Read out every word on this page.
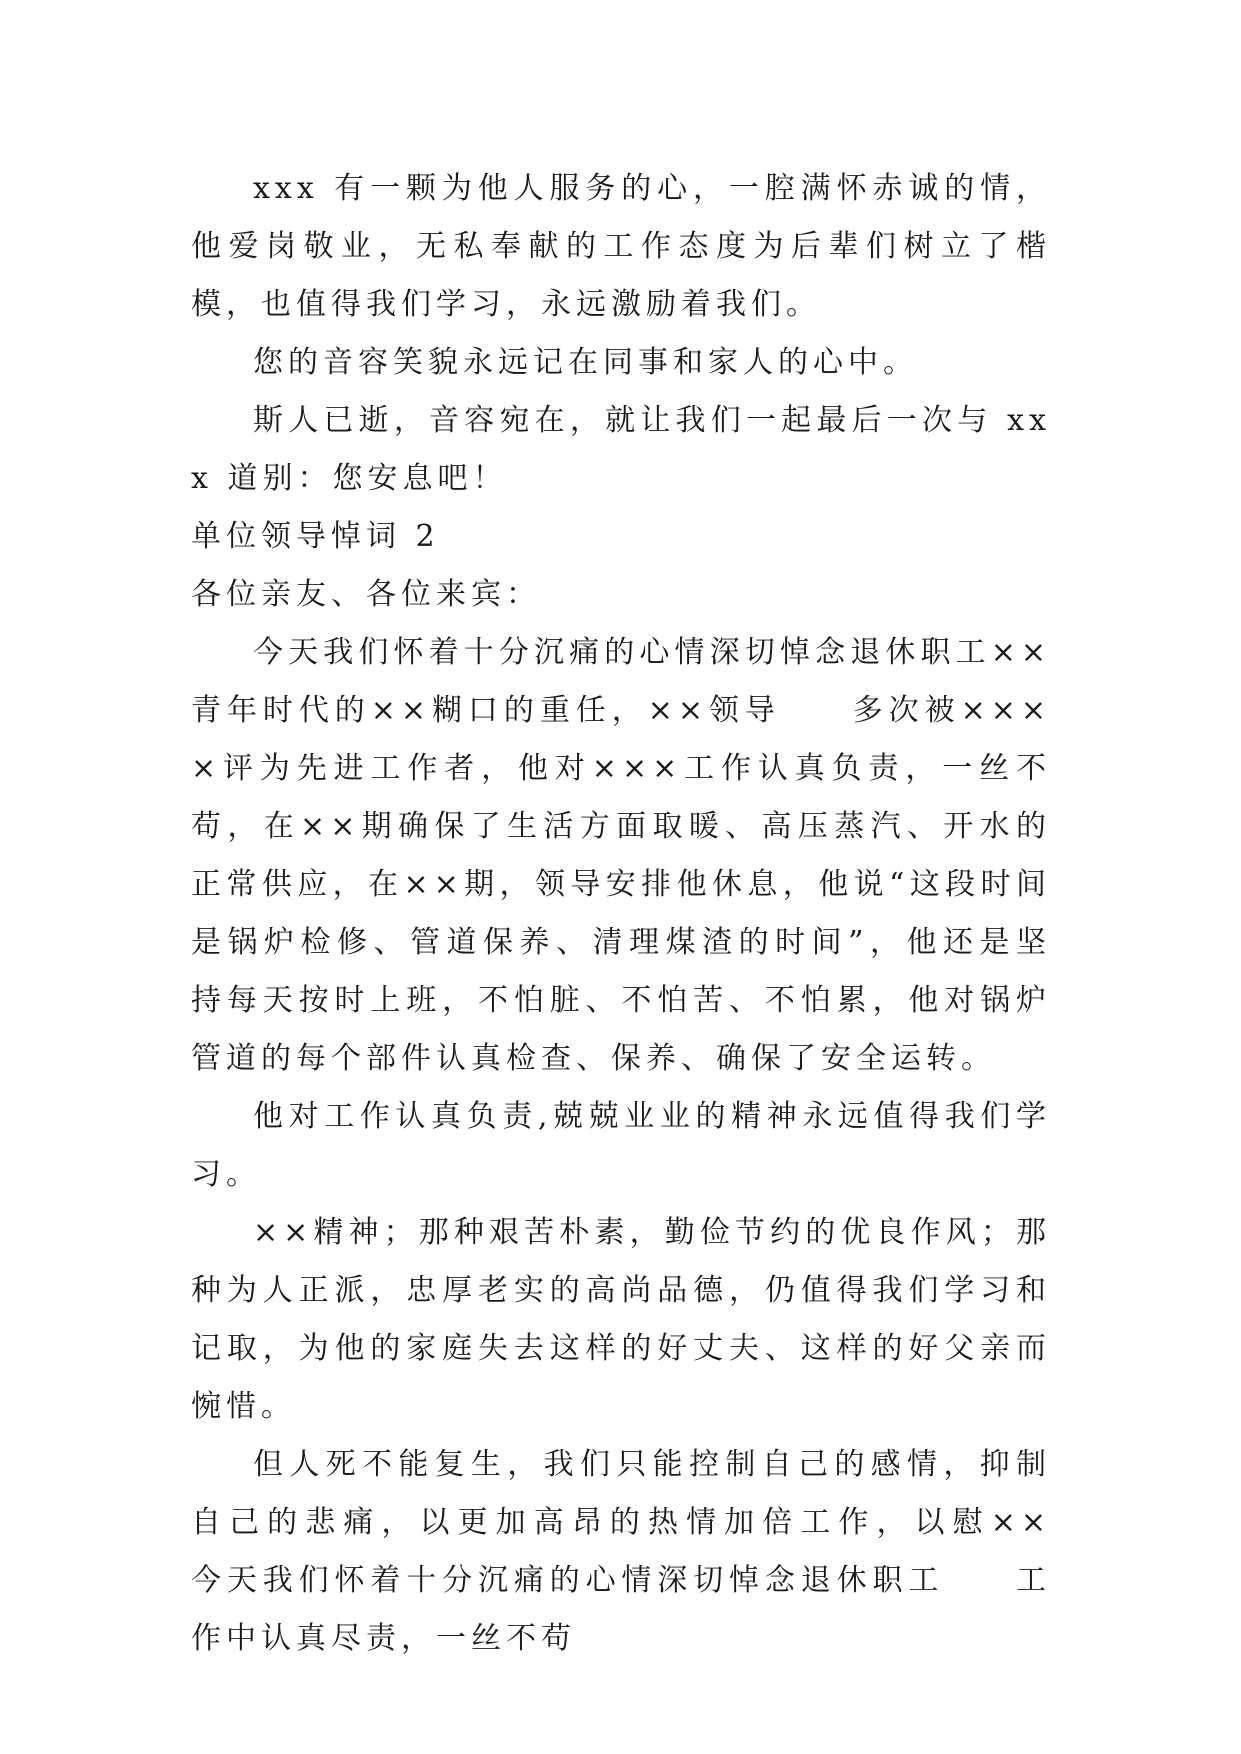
xxx 有一颗为他人服务的心，一腔满怀赤诚的情，他爱岗敬业，无私奉献的工作态度为后辈们树立了楷模，也值得我们学习，永远激励着我们。

您的音容笑貌永远记在同事和家人的心中。

斯人已逝，音容宛在，就让我们一起最后一次与 xxx 道别：您安息吧！

单位领导悼词 2

各位亲友、各位来宾：

今天我们怀着十分沉痛的心情深切悼念退休职工××青年时代的××糊口的重任，××领导　　多次被××××评为先进工作者，他对×××工作认真负责，一丝不苟，在××期确保了生活方面取暖、高压蒸汽、开水的正常供应，在××期，领导安排他休息，他说“这段时间是锅炉检修、管道保养、清理煤渣的时间”，他还是坚持每天按时上班，不怕脏、不怕苦、不怕累，他对锅炉管道的每个部件认真检查、保养、确保了安全运转。

他对工作认真负责,兢兢业业的精神永远值得我们学习。

××精神；那种艰苦朴素，勤俭节约的优良作风；那种为人正派，忠厚老实的高尚品德，仍值得我们学习和记取，为他的家庭失去这样的好丈夫、这样的好父亲而惋惜。

但人死不能复生，我们只能控制自己的感情，抑制自己的悲痛，以更加高昂的热情加倍工作，以慰××　　今天我们怀着十分沉痛的心情深切悼念退休职工　　工作中认真尽责，一丝不苟
